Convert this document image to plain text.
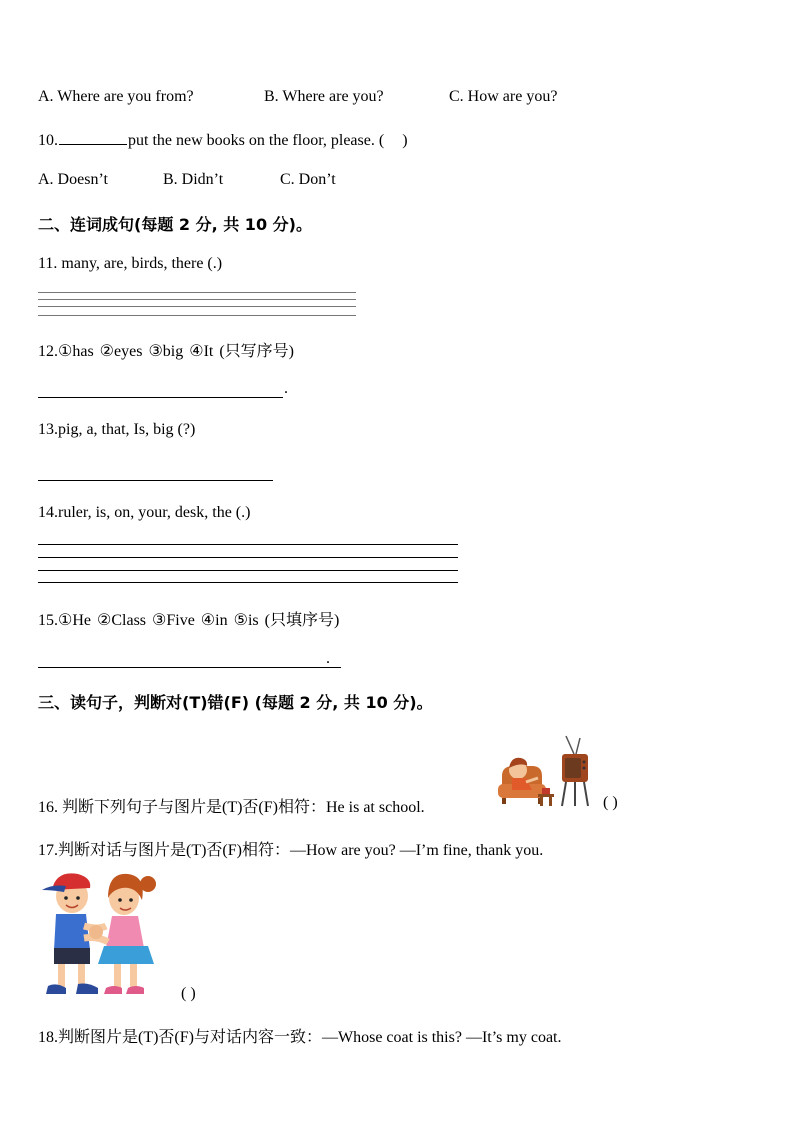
A. Where are you from?	B. Where are you?	C. How are you?
10.	put the new books on the floor, please. ( )
A. Doesn’t	B. Didn’t	C. Don’t
二、连词成句(每题 2 分, 共 10 分)。
11. many, are, birds, there (.)
12.①has ②eyes ③big ④It (只写序号)
.
13.pig, a, that, Is, big (?)
14.ruler, is, on, your, desk, the (.)
15.①He ②Class ③Five ④in ⑤is (只填序号)
.
三、读句子，判断对(T)错(F) (每题 2 分, 共 10 分)。
16. 判断下列句子与图片是(T)否(F)相符：He is at school.	( )
17.判断对话与图片是(T)否(F)相符：—How are you? —I’m fine, thank you.
( )
18.判断图片是(T)否(F)与对话内容一致：—Whose coat is this? —It’s my coat.
